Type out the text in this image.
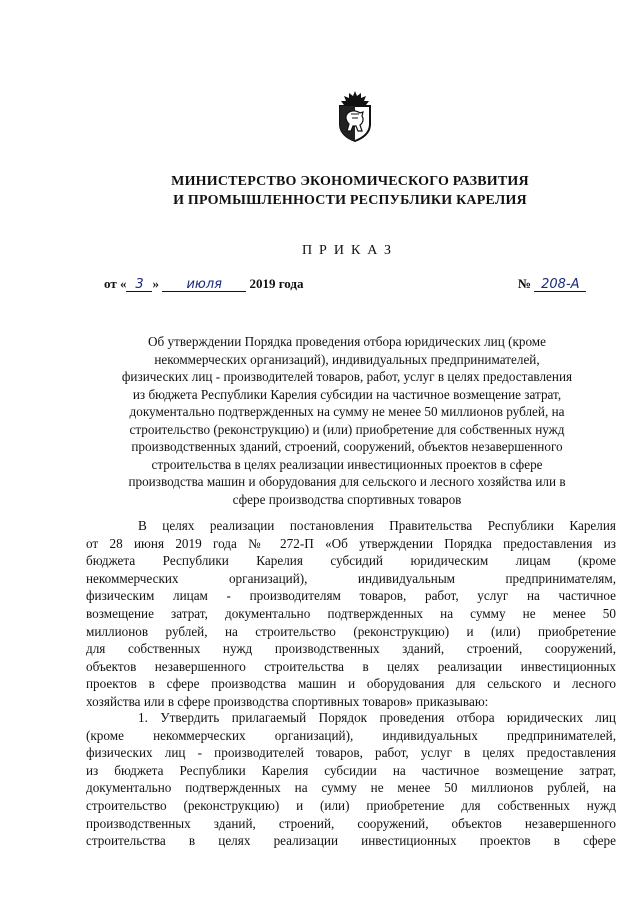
МИНИСТЕРСТВО ЭКОНОМИЧЕСКОГО РАЗВИТИЯ
И ПРОМЫШЛЕННОСТИ РЕСПУБЛИКИ КАРЕЛИЯ
ПРИКАЗ
от « 3 » июля 2019 года	№ 208-А
Об утверждении Порядка проведения отбора юридических лиц (кроме
некоммерческих организаций), индивидуальных предпринимателей,
физических лиц - производителей товаров, работ, услуг в целях предоставления
из бюджета Республики Карелия субсидии на частичное возмещение затрат,
документально подтвержденных на сумму не менее 50 миллионов рублей, на
строительство (реконструкцию) и (или) приобретение для собственных нужд
производственных зданий, строений, сооружений, объектов незавершенного
строительства в целях реализации инвестиционных проектов в сфере
производства машин и оборудования для сельского и лесного хозяйства или в
сфере производства спортивных товаров
В целях реализации постановления Правительства Республики Карелия
от 28 июня 2019 года № 272-П «Об утверждении Порядка предоставления из
бюджета Республики Карелия субсидий юридическим лицам (кроме
некоммерческих организаций), индивидуальным предпринимателям,
физическим лицам - производителям товаров, работ, услуг на частичное
возмещение затрат, документально подтвержденных на сумму не менее 50
миллионов рублей, на строительство (реконструкцию) и (или) приобретение
для собственных нужд производственных зданий, строений, сооружений,
объектов незавершенного строительства в целях реализации инвестиционных
проектов в сфере производства машин и оборудования для сельского и лесного
хозяйства или в сфере производства спортивных товаров» приказываю:
1. Утвердить прилагаемый Порядок проведения отбора юридических лиц
(кроме некоммерческих организаций), индивидуальных предпринимателей,
физических лиц - производителей товаров, работ, услуг в целях предоставления
из бюджета Республики Карелия субсидии на частичное возмещение затрат,
документально подтвержденных на сумму не менее 50 миллионов рублей, на
строительство (реконструкцию) и (или) приобретение для собственных нужд
производственных зданий, строений, сооружений, объектов незавершенного
строительства в целях реализации инвестиционных проектов в сфере
